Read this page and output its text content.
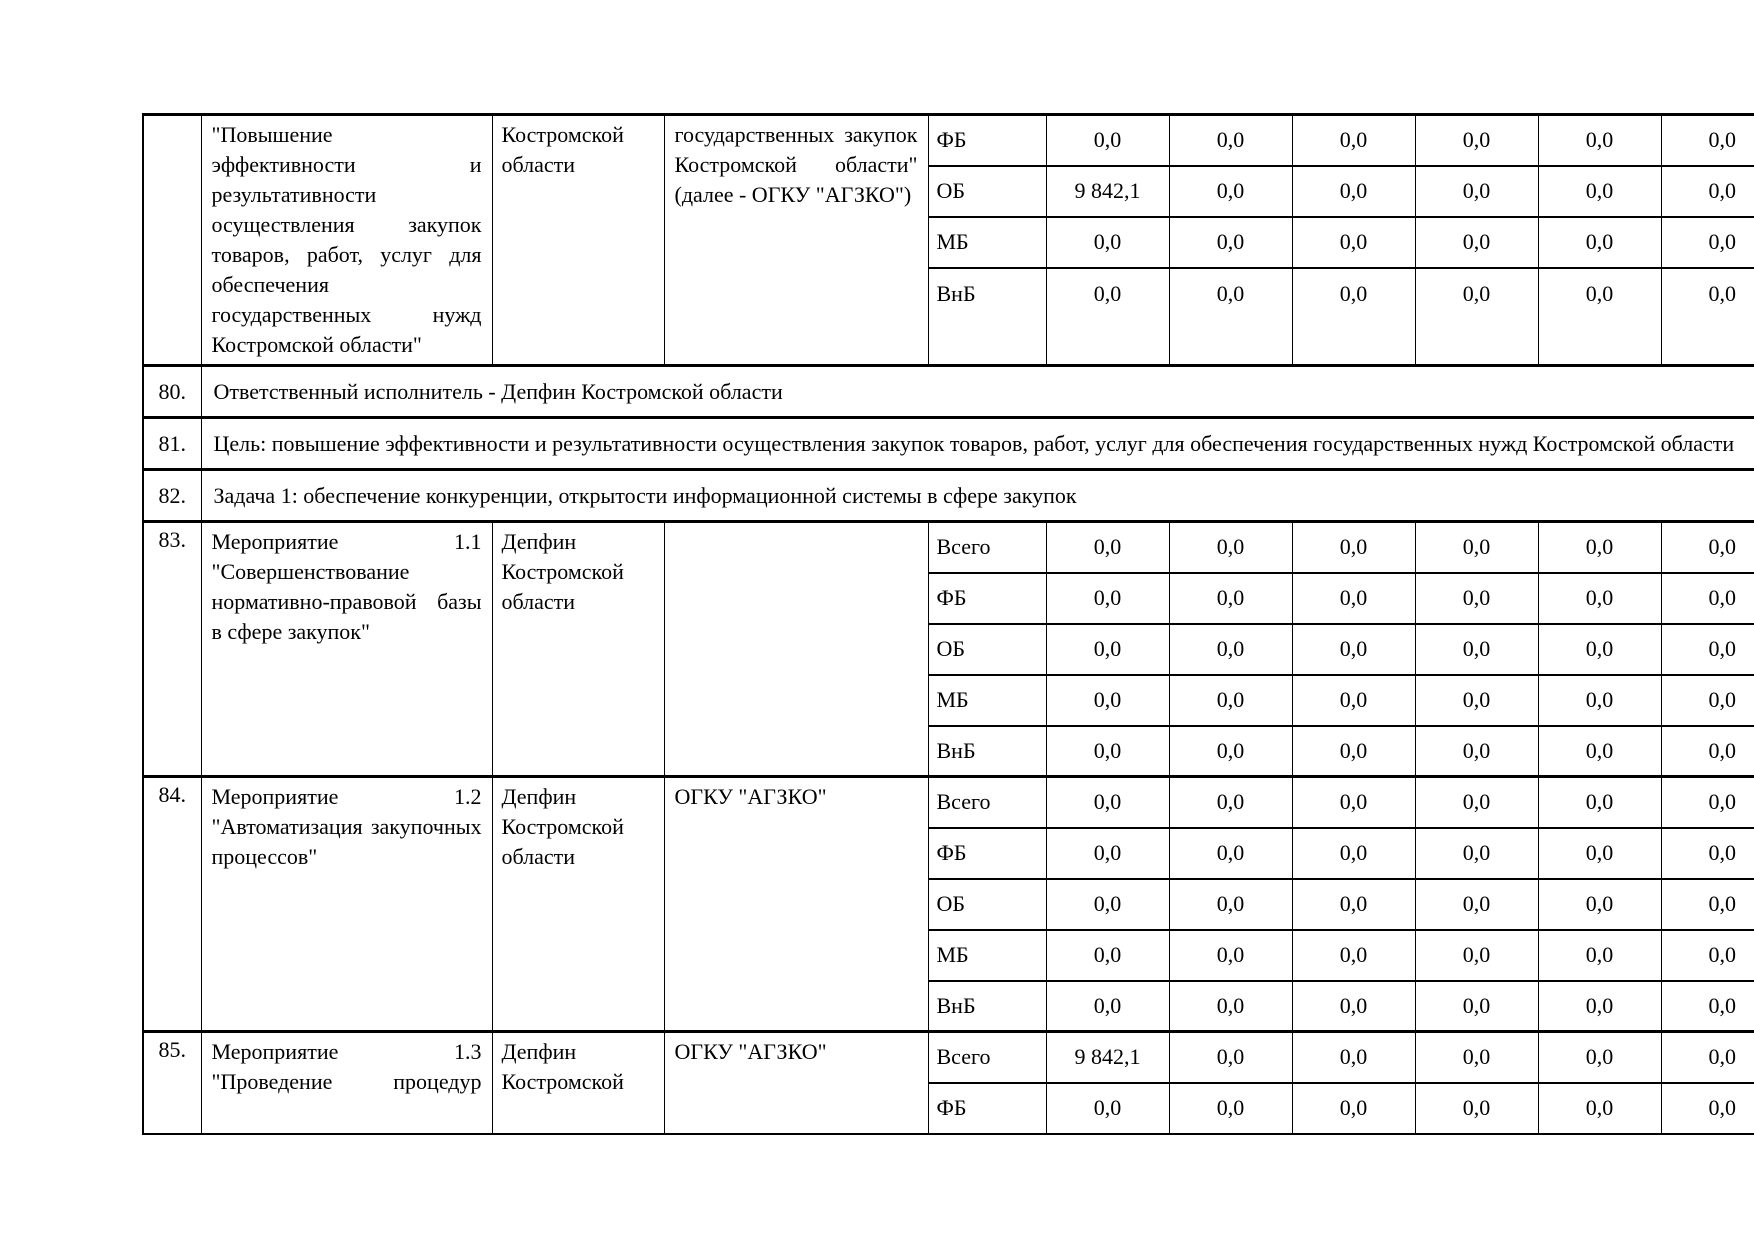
	"Повышение эффективности и результативности осуществления закупок товаров, работ, услуг для обеспечения государственных нужд Костромской области"	Костромской области	государственных закупок Костромской области" (далее - ОГКУ "АГЗКО")	ФБ	0,0	0,0	0,0	0,0	0,0	0,0
				ОБ	9 842,1	0,0	0,0	0,0	0,0	0,0
				МБ	0,0	0,0	0,0	0,0	0,0	0,0
				ВнБ	0,0	0,0	0,0	0,0	0,0	0,0
80.	Ответственный исполнитель - Депфин Костромской области									
81.	Цель: повышение эффективности и результативности осуществления закупок товаров, работ, услуг для обеспечения государственных нужд Костромской области									
82.	Задача 1: обеспечение конкуренции, открытости информационной системы в сфере закупок									
83.	Мероприятие 1.1 "Совершенствование нормативно-правовой базы в сфере закупок"	Депфин Костромской области		Всего	0,0	0,0	0,0	0,0	0,0	0,0
				ФБ	0,0	0,0	0,0	0,0	0,0	0,0
				ОБ	0,0	0,0	0,0	0,0	0,0	0,0
				МБ	0,0	0,0	0,0	0,0	0,0	0,0
				ВнБ	0,0	0,0	0,0	0,0	0,0	0,0
84.	Мероприятие 1.2 "Автоматизация закупочных процессов"	Депфин Костромской области	ОГКУ "АГЗКО"	Всего	0,0	0,0	0,0	0,0	0,0	0,0
				ФБ	0,0	0,0	0,0	0,0	0,0	0,0
				ОБ	0,0	0,0	0,0	0,0	0,0	0,0
				МБ	0,0	0,0	0,0	0,0	0,0	0,0
				ВнБ	0,0	0,0	0,0	0,0	0,0	0,0
85.	Мероприятие 1.3 "Проведение процедур	Депфин Костромской	ОГКУ "АГЗКО"	Всего	9 842,1	0,0	0,0	0,0	0,0	0,0
				ФБ	0,0	0,0	0,0	0,0	0,0	0,0
